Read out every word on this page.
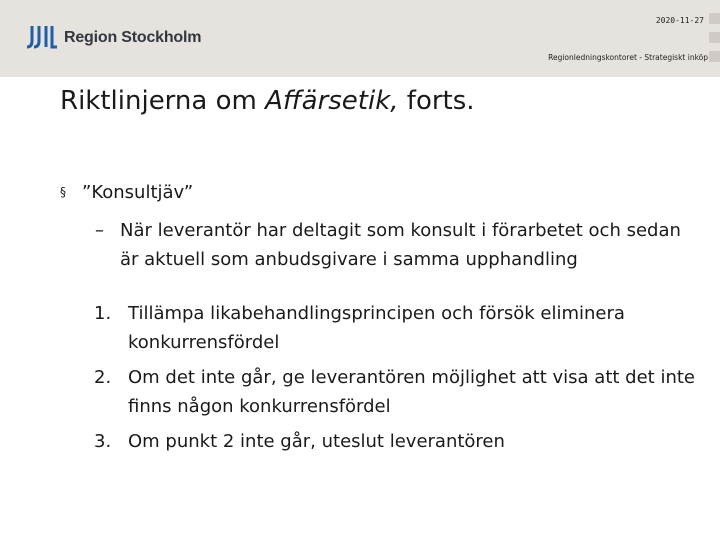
Region Stockholm
2020-11-27
Regionledningskontoret - Strategiskt inköp
Riktlinjerna om Affärsetik, forts.
§ ”Konsultjäv”
– När leverantör har deltagit som konsult i förarbetet och sedan är aktuell som anbudsgivare i samma upphandling
1. Tillämpa likabehandlingsprincipen och försök eliminera konkurrensfördel
2. Om det inte går, ge leverantören möjlighet att visa att det inte finns någon konkurrensfördel
3. Om punkt 2 inte går, uteslut leverantören
